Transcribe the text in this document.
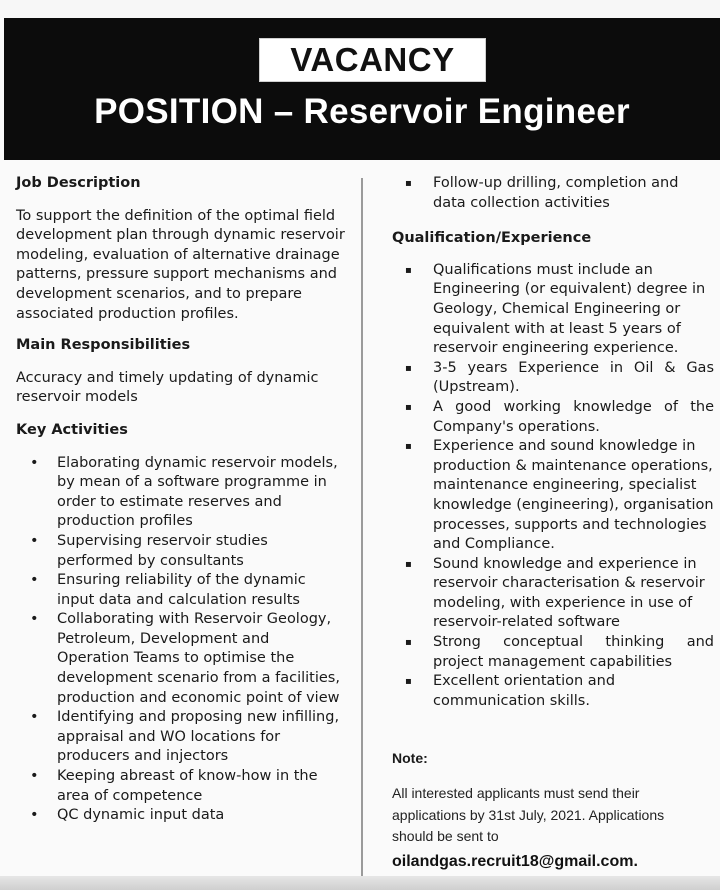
VACANCY
POSITION – Reservoir Engineer

Job Description

To support the definition of the optimal field development plan through dynamic reservoir modeling, evaluation of alternative drainage patterns, pressure support mechanisms and development scenarios, and to prepare associated production profiles.

Main Responsibilities

Accuracy and timely updating of dynamic reservoir models

Key Activities

• Elaborating dynamic reservoir models, by mean of a software programme in order to estimate reserves and production profiles
• Supervising reservoir studies performed by consultants
• Ensuring reliability of the dynamic input data and calculation results
• Collaborating with Reservoir Geology, Petroleum, Development and Operation Teams to optimise the development scenario from a facilities, production and economic point of view
• Identifying and proposing new infilling, appraisal and WO locations for producers and injectors
• Keeping abreast of know-how in the area of competence
• QC dynamic input data
▪ Follow-up drilling, completion and data collection activities

Qualification/Experience

▪ Qualifications must include an Engineering (or equivalent) degree in Geology, Chemical Engineering or equivalent with at least 5 years of reservoir engineering experience.
▪ 3-5 years Experience in Oil & Gas (Upstream).
▪ A good working knowledge of the Company's operations.
▪ Experience and sound knowledge in production & maintenance operations, maintenance engineering, specialist knowledge (engineering), organisation processes, supports and technologies and Compliance.
▪ Sound knowledge and experience in reservoir characterisation & reservoir modeling, with experience in use of reservoir-related software
▪ Strong conceptual thinking and project management capabilities
▪ Excellent orientation and communication skills.

Note:

All interested applicants must send their applications by 31st July, 2021. Applications should be sent to

oilandgas.recruit18@gmail.com.
